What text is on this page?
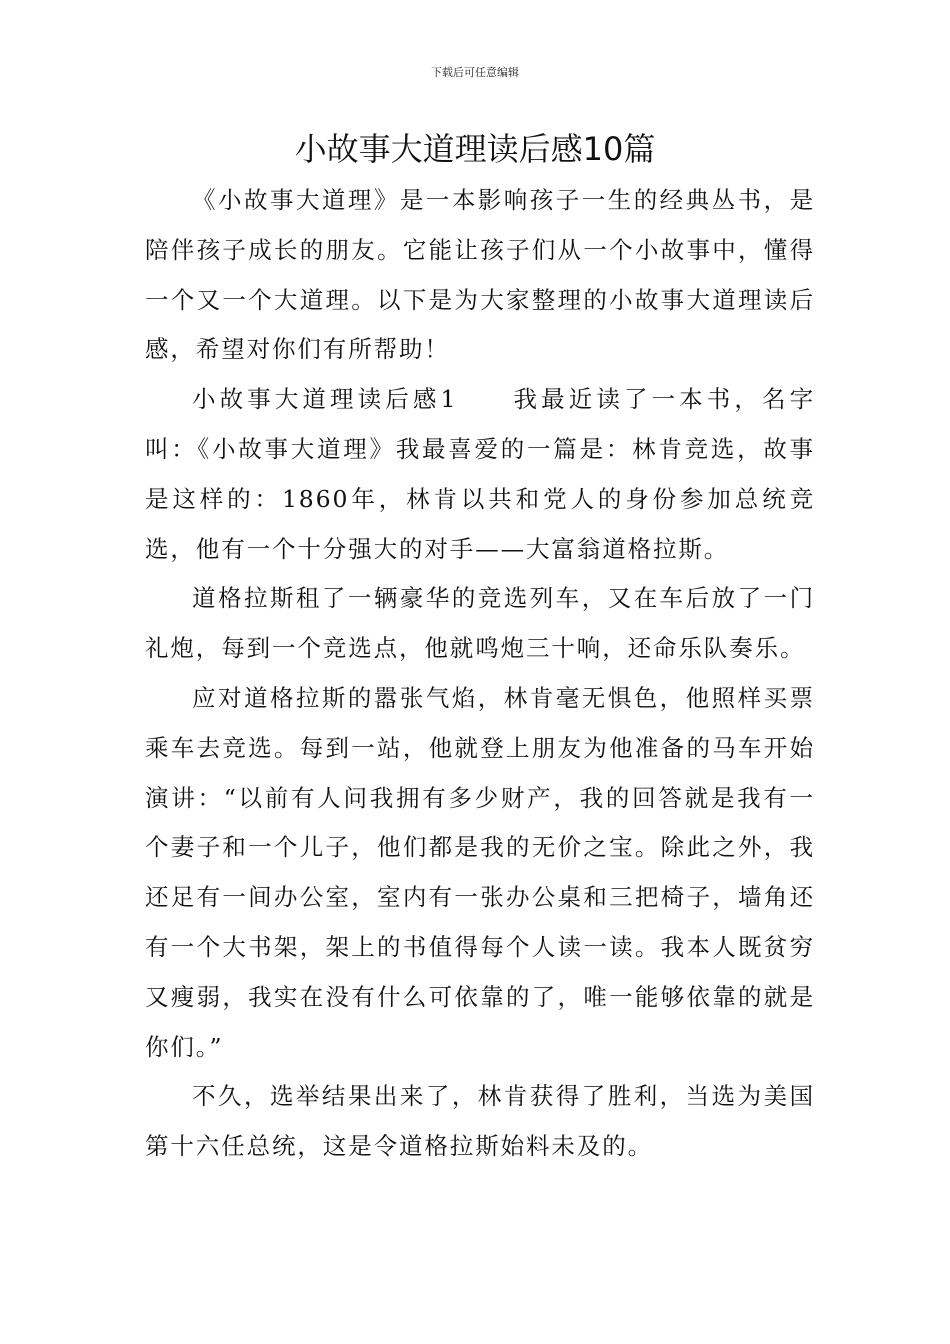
下载后可任意编辑
小故事大道理读后感10篇

《小故事大道理》是一本影响孩子一生的经典丛书，是陪伴孩子成长的朋友。它能让孩子们从一个小故事中，懂得一个又一个大道理。以下是为大家整理的小故事大道理读后感，希望对你们有所帮助！

小故事大道理读后感1 我最近读了一本书，名字叫：《小故事大道理》我最喜爱的一篇是：林肯竞选，故事是这样的：1860年，林肯以共和党人的身份参加总统竞选，他有一个十分强大的对手——大富翁道格拉斯。

道格拉斯租了一辆豪华的竞选列车，又在车后放了一门礼炮，每到一个竞选点，他就鸣炮三十响，还命乐队奏乐。

应对道格拉斯的嚣张气焰，林肯毫无惧色，他照样买票乘车去竞选。每到一站，他就登上朋友为他准备的马车开始演讲：“以前有人问我拥有多少财产，我的回答就是我有一个妻子和一个儿子，他们都是我的无价之宝。除此之外，我还足有一间办公室，室内有一张办公桌和三把椅子，墙角还有一个大书架，架上的书值得每个人读一读。我本人既贫穷又瘦弱，我实在没有什么可依靠的了，唯一能够依靠的就是你们。”

不久，选举结果出来了，林肯获得了胜利，当选为美国第十六任总统，这是令道格拉斯始料未及的。
